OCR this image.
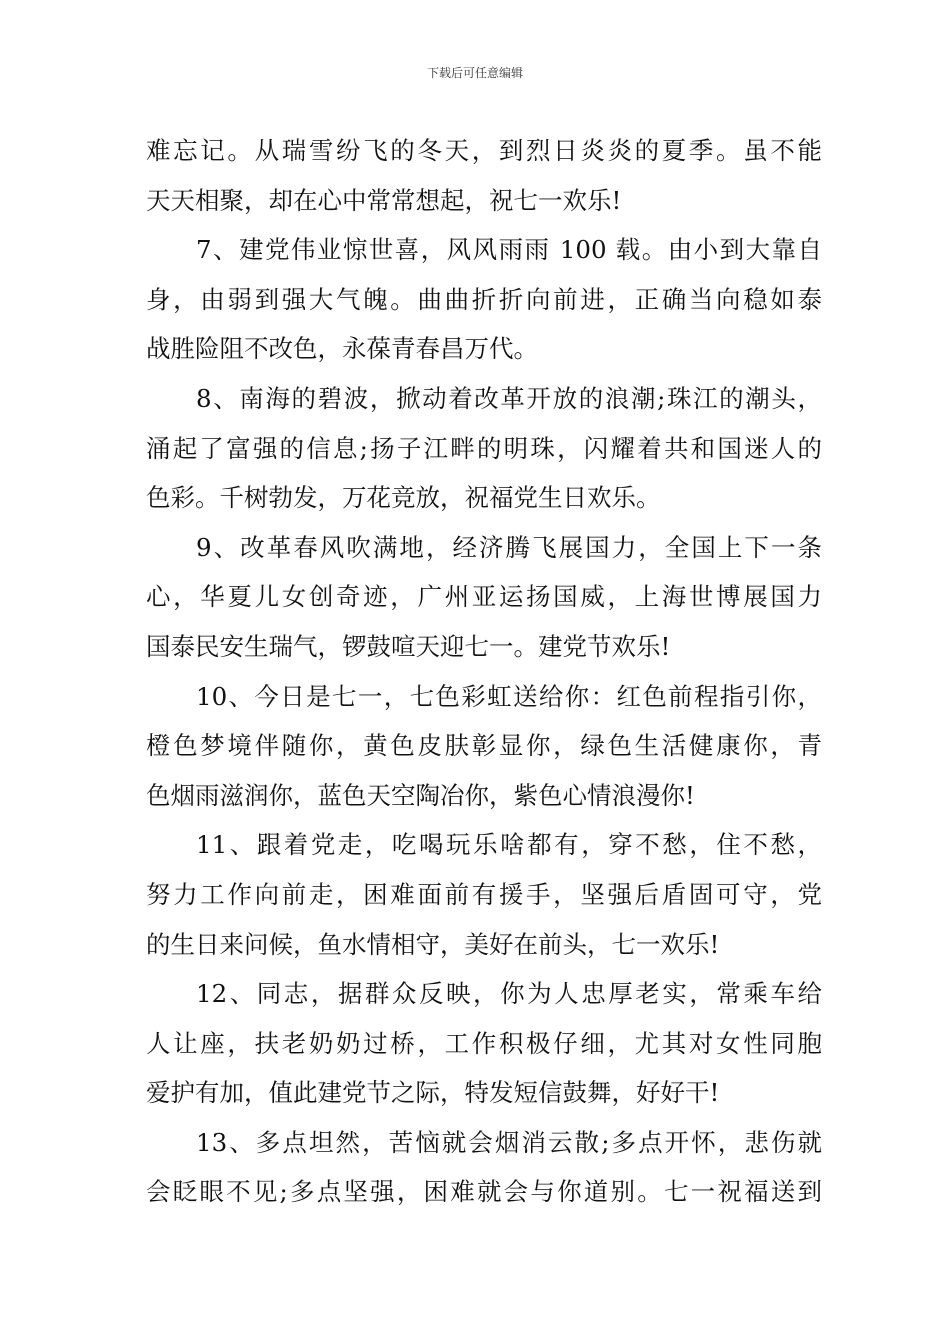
下载后可任意编辑
难忘记。从瑞雪纷飞的冬天，到烈日炎炎的夏季。虽不能
天天相聚，却在心中常常想起，祝七一欢乐!
7、建党伟业惊世喜，风风雨雨 100 载。由小到大靠自
身，由弱到强大气魄。曲曲折折向前进，正确当向稳如泰
战胜险阻不改色，永葆青春昌万代。
8、南海的碧波，掀动着改革开放的浪潮;珠江的潮头，
涌起了富强的信息;扬子江畔的明珠，闪耀着共和国迷人的
色彩。千树勃发，万花竞放，祝福党生日欢乐。
9、改革春风吹满地，经济腾飞展国力，全国上下一条
心，华夏儿女创奇迹，广州亚运扬国威，上海世博展国力
国泰民安生瑞气，锣鼓喧天迎七一。建党节欢乐!
10、今日是七一，七色彩虹送给你：红色前程指引你，
橙色梦境伴随你，黄色皮肤彰显你，绿色生活健康你，青
色烟雨滋润你，蓝色天空陶冶你，紫色心情浪漫你!
11、跟着党走，吃喝玩乐啥都有，穿不愁，住不愁，
努力工作向前走，困难面前有援手，坚强后盾固可守，党
的生日来问候，鱼水情相守，美好在前头，七一欢乐!
12、同志，据群众反映，你为人忠厚老实，常乘车给
人让座，扶老奶奶过桥，工作积极仔细，尤其对女性同胞
爱护有加，值此建党节之际，特发短信鼓舞，好好干!
13、多点坦然，苦恼就会烟消云散;多点开怀，悲伤就
会眨眼不见;多点坚强，困难就会与你道别。七一祝福送到
